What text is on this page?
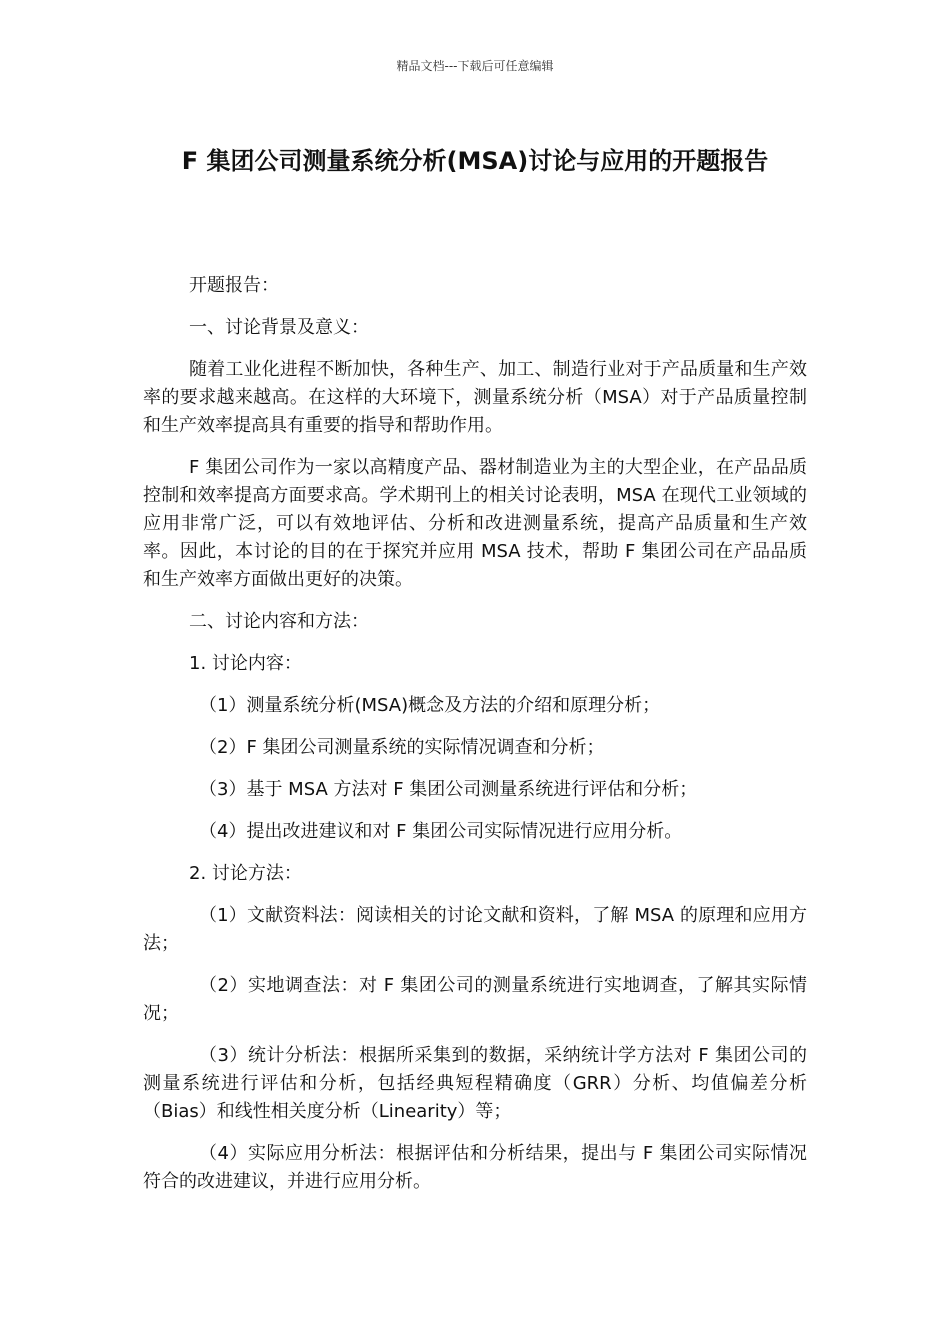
精品文档---下载后可任意编辑
F 集团公司测量系统分析(MSA)讨论与应用的开题报告

开题报告：

一、讨论背景及意义：

随着工业化进程不断加快，各种生产、加工、制造行业对于产品质量和生产效率的要求越来越高。在这样的大环境下，测量系统分析（MSA）对于产品质量控制和生产效率提高具有重要的指导和帮助作用。

F 集团公司作为一家以高精度产品、器材制造业为主的大型企业，在产品品质控制和效率提高方面要求高。学术期刊上的相关讨论表明，MSA 在现代工业领域的应用非常广泛，可以有效地评估、分析和改进测量系统，提高产品质量和生产效率。因此，本讨论的目的在于探究并应用 MSA 技术，帮助 F 集团公司在产品品质和生产效率方面做出更好的决策。

二、讨论内容和方法：

1. 讨论内容：

（1）测量系统分析(MSA)概念及方法的介绍和原理分析；

（2）F 集团公司测量系统的实际情况调查和分析；

（3）基于 MSA 方法对 F 集团公司测量系统进行评估和分析；

（4）提出改进建议和对 F 集团公司实际情况进行应用分析。

2. 讨论方法：

（1）文献资料法：阅读相关的讨论文献和资料，了解 MSA 的原理和应用方法；

（2）实地调查法：对 F 集团公司的测量系统进行实地调查，了解其实际情况；

（3）统计分析法：根据所采集到的数据，采纳统计学方法对 F 集团公司的测量系统进行评估和分析，包括经典短程精确度（GRR）分析、均值偏差分析（Bias）和线性相关度分析（Linearity）等；

（4）实际应用分析法：根据评估和分析结果，提出与 F 集团公司实际情况符合的改进建议，并进行应用分析。
